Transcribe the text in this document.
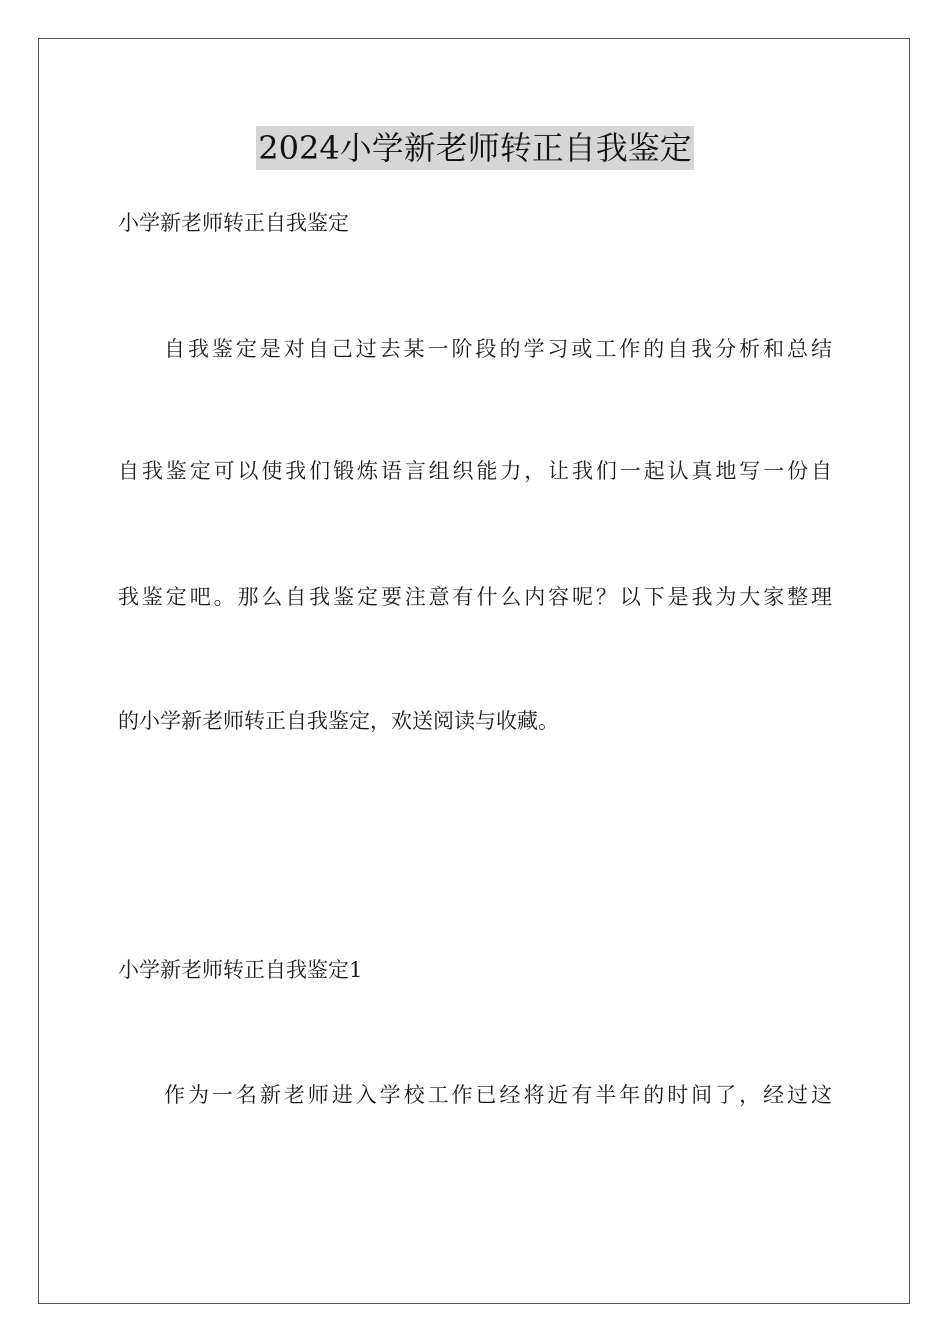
2024小学新老师转正自我鉴定
小学新老师转正自我鉴定
自我鉴定是对自己过去某一阶段的学习或工作的自我分析和总结
自我鉴定可以使我们锻炼语言组织能力，让我们一起认真地写一份自
我鉴定吧。那么自我鉴定要注意有什么内容呢？以下是我为大家整理
的小学新老师转正自我鉴定，欢送阅读与收藏。
小学新老师转正自我鉴定1
作为一名新老师进入学校工作已经将近有半年的时间了，经过这
